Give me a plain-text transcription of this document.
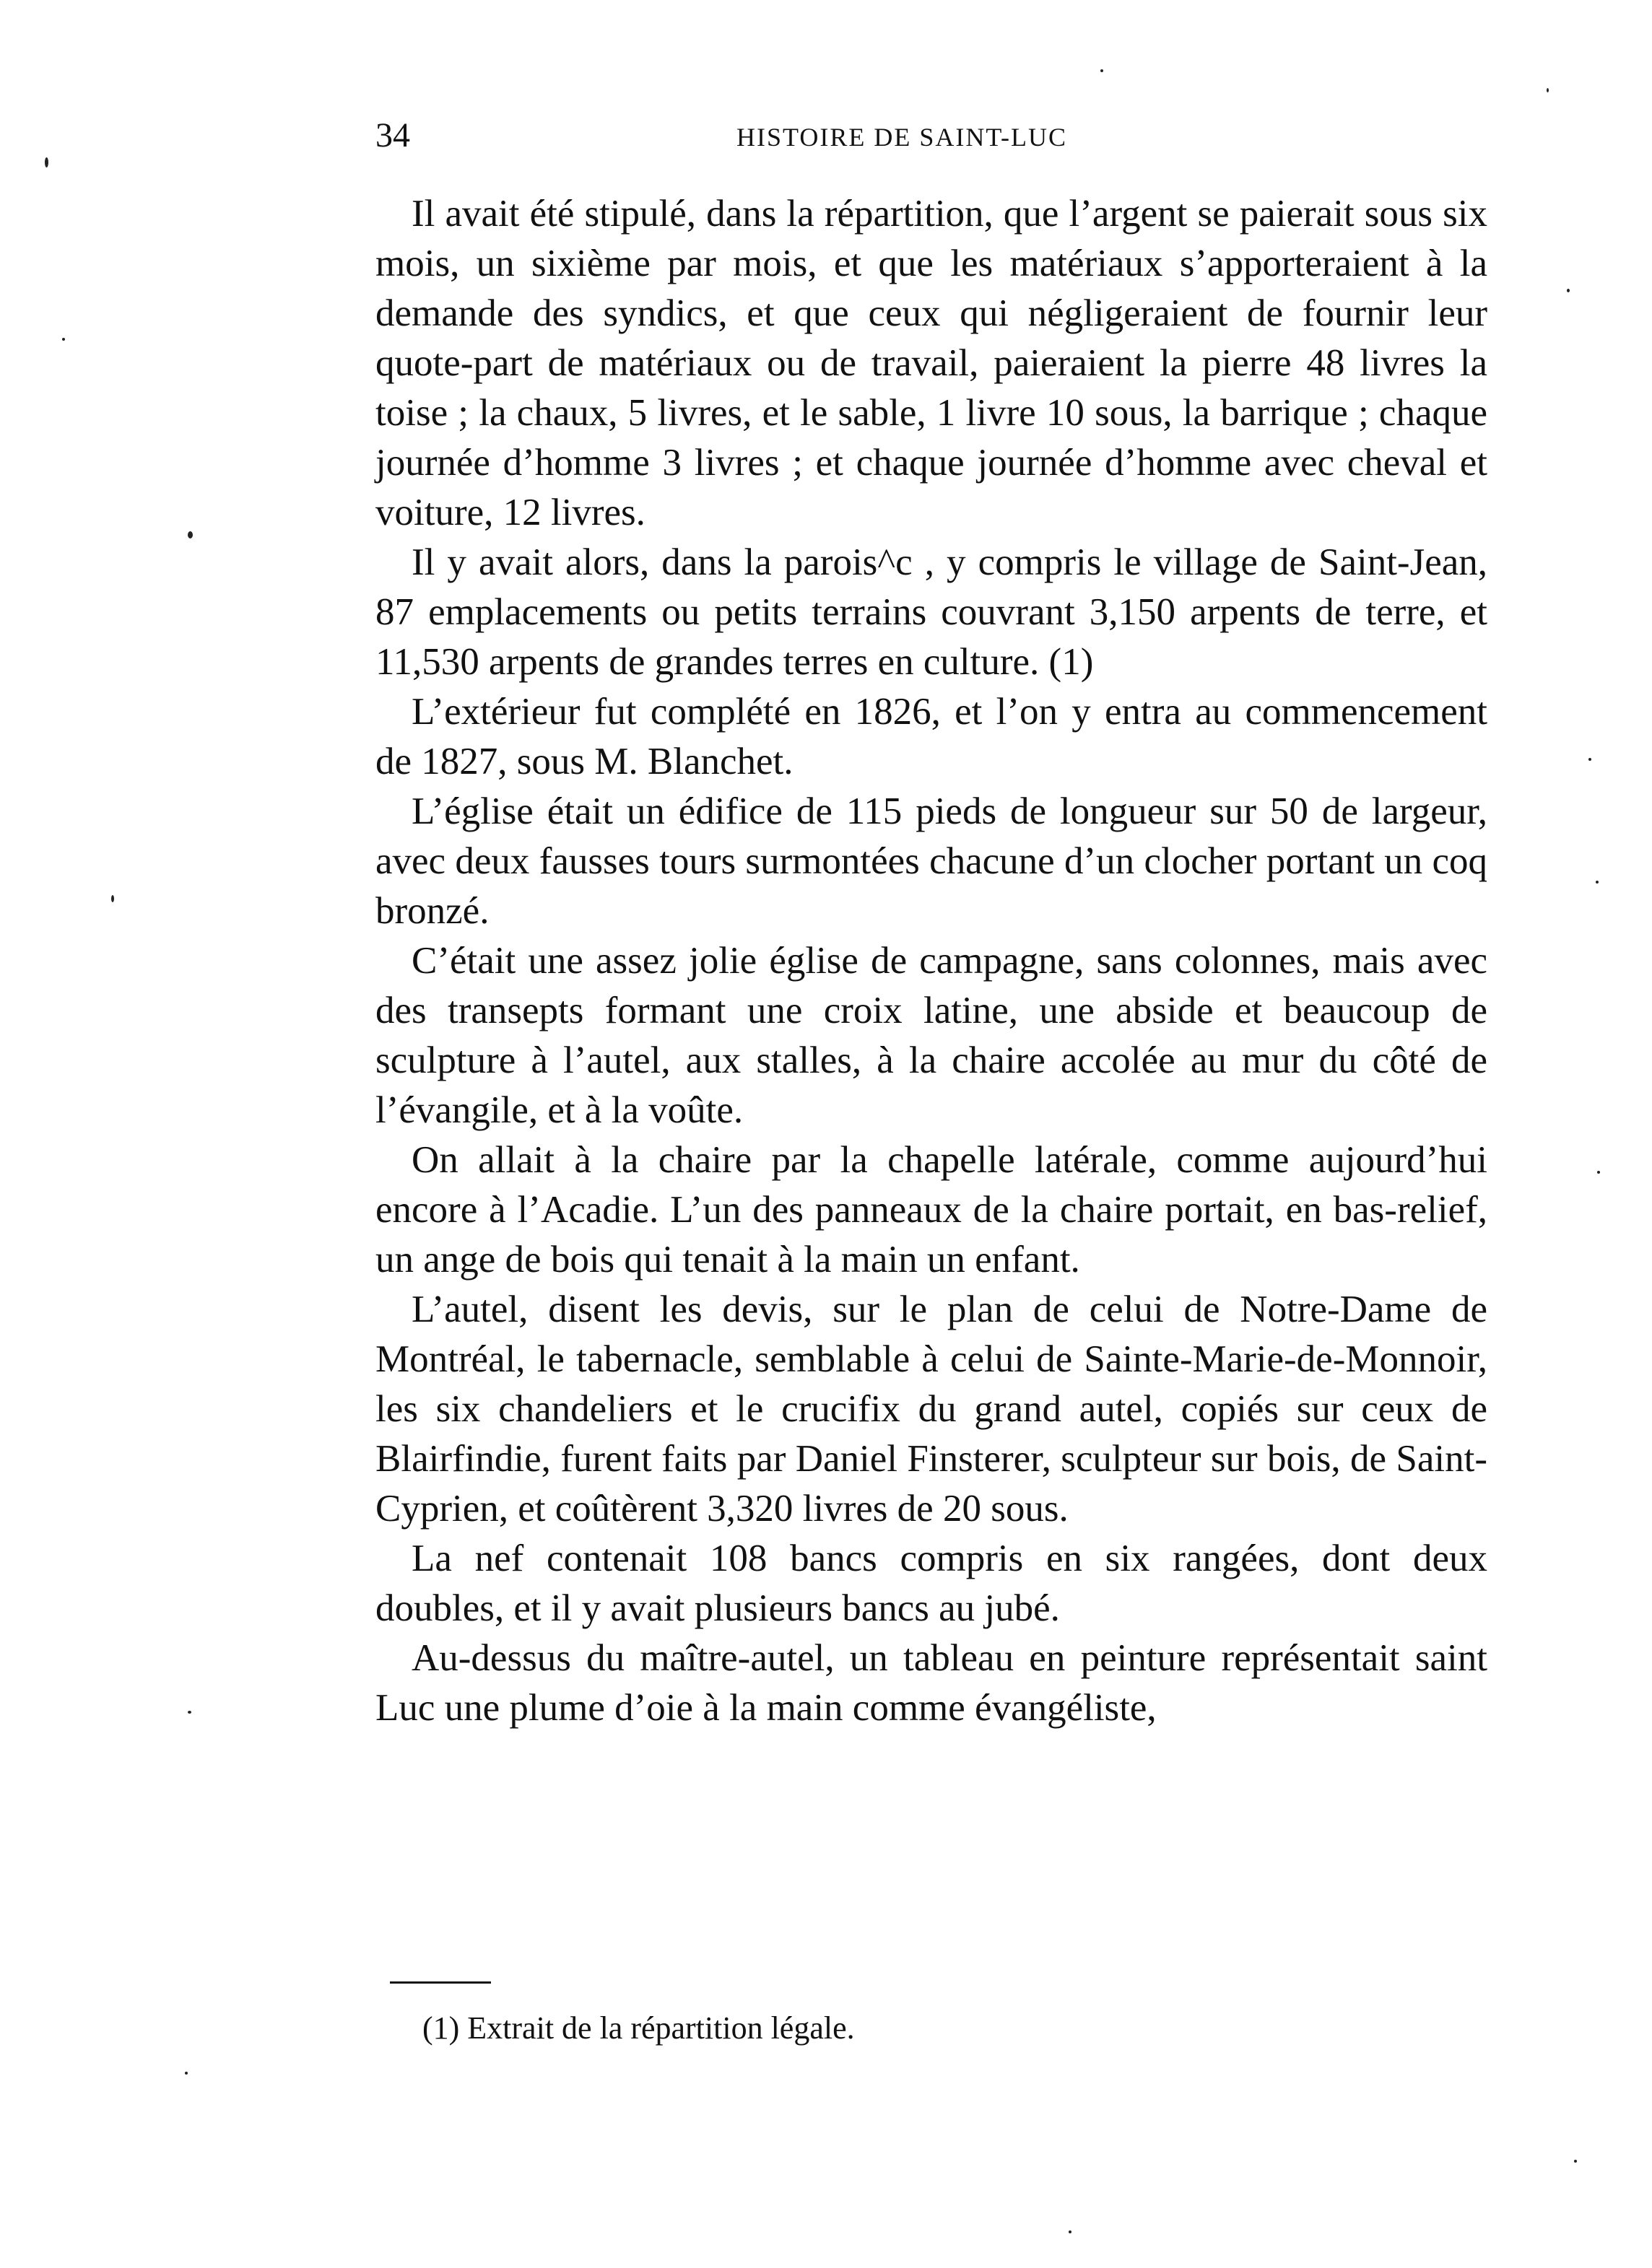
34	HISTOIRE DE SAINT-LUC

Il avait été stipulé, dans la répartition, que l’argent se paierait sous six mois, un sixième par mois, et que les matériaux s’apporteraient à la demande des syndics, et que ceux qui négligeraient de fournir leur quote-part de matériaux ou de travail, paieraient la pierre 48 livres la toise ; la chaux, 5 livres, et le sable, 1 livre 10 sous, la barrique ; chaque journée d’homme 3 livres ; et chaque journée d’homme avec cheval et voiture, 12 livres.

Il y avait alors, dans la parois^c , y compris le village de Saint-Jean, 87 emplacements ou petits terrains couvrant 3,150 arpents de terre, et 11,530 arpents de grandes terres en culture. (1)

L’extérieur fut complété en 1826, et l’on y entra au commencement de 1827, sous M. Blanchet.

L’église était un édifice de 115 pieds de longueur sur 50 de largeur, avec deux fausses tours surmontées chacune d’un clocher portant un coq bronzé.

C’était une assez jolie église de campagne, sans colonnes, mais avec des transepts formant une croix latine, une abside et beaucoup de sculpture à l’autel, aux stalles, à la chaire accolée au mur du côté de l’évangile, et à la voûte.

On allait à la chaire par la chapelle latérale, comme aujourd’hui encore à l’Acadie. L’un des panneaux de la chaire portait, en bas-relief, un ange de bois qui tenait à la main un enfant.

L’autel, disent les devis, sur le plan de celui de Notre-Dame de Montréal, le tabernacle, semblable à celui de Sainte-Marie-de-Monnoir, les six chandeliers et le crucifix du grand autel, copiés sur ceux de Blairfindie, furent faits par Daniel Finsterer, sculpteur sur bois, de Saint-Cyprien, et coûtèrent 3,320 livres de 20 sous.

La nef contenait 108 bancs compris en six rangées, dont deux doubles, et il y avait plusieurs bancs au jubé.

Au-dessus du maître-autel, un tableau en peinture représentait saint Luc une plume d’oie à la main comme évangéliste,

(1) Extrait de la répartition légale.
